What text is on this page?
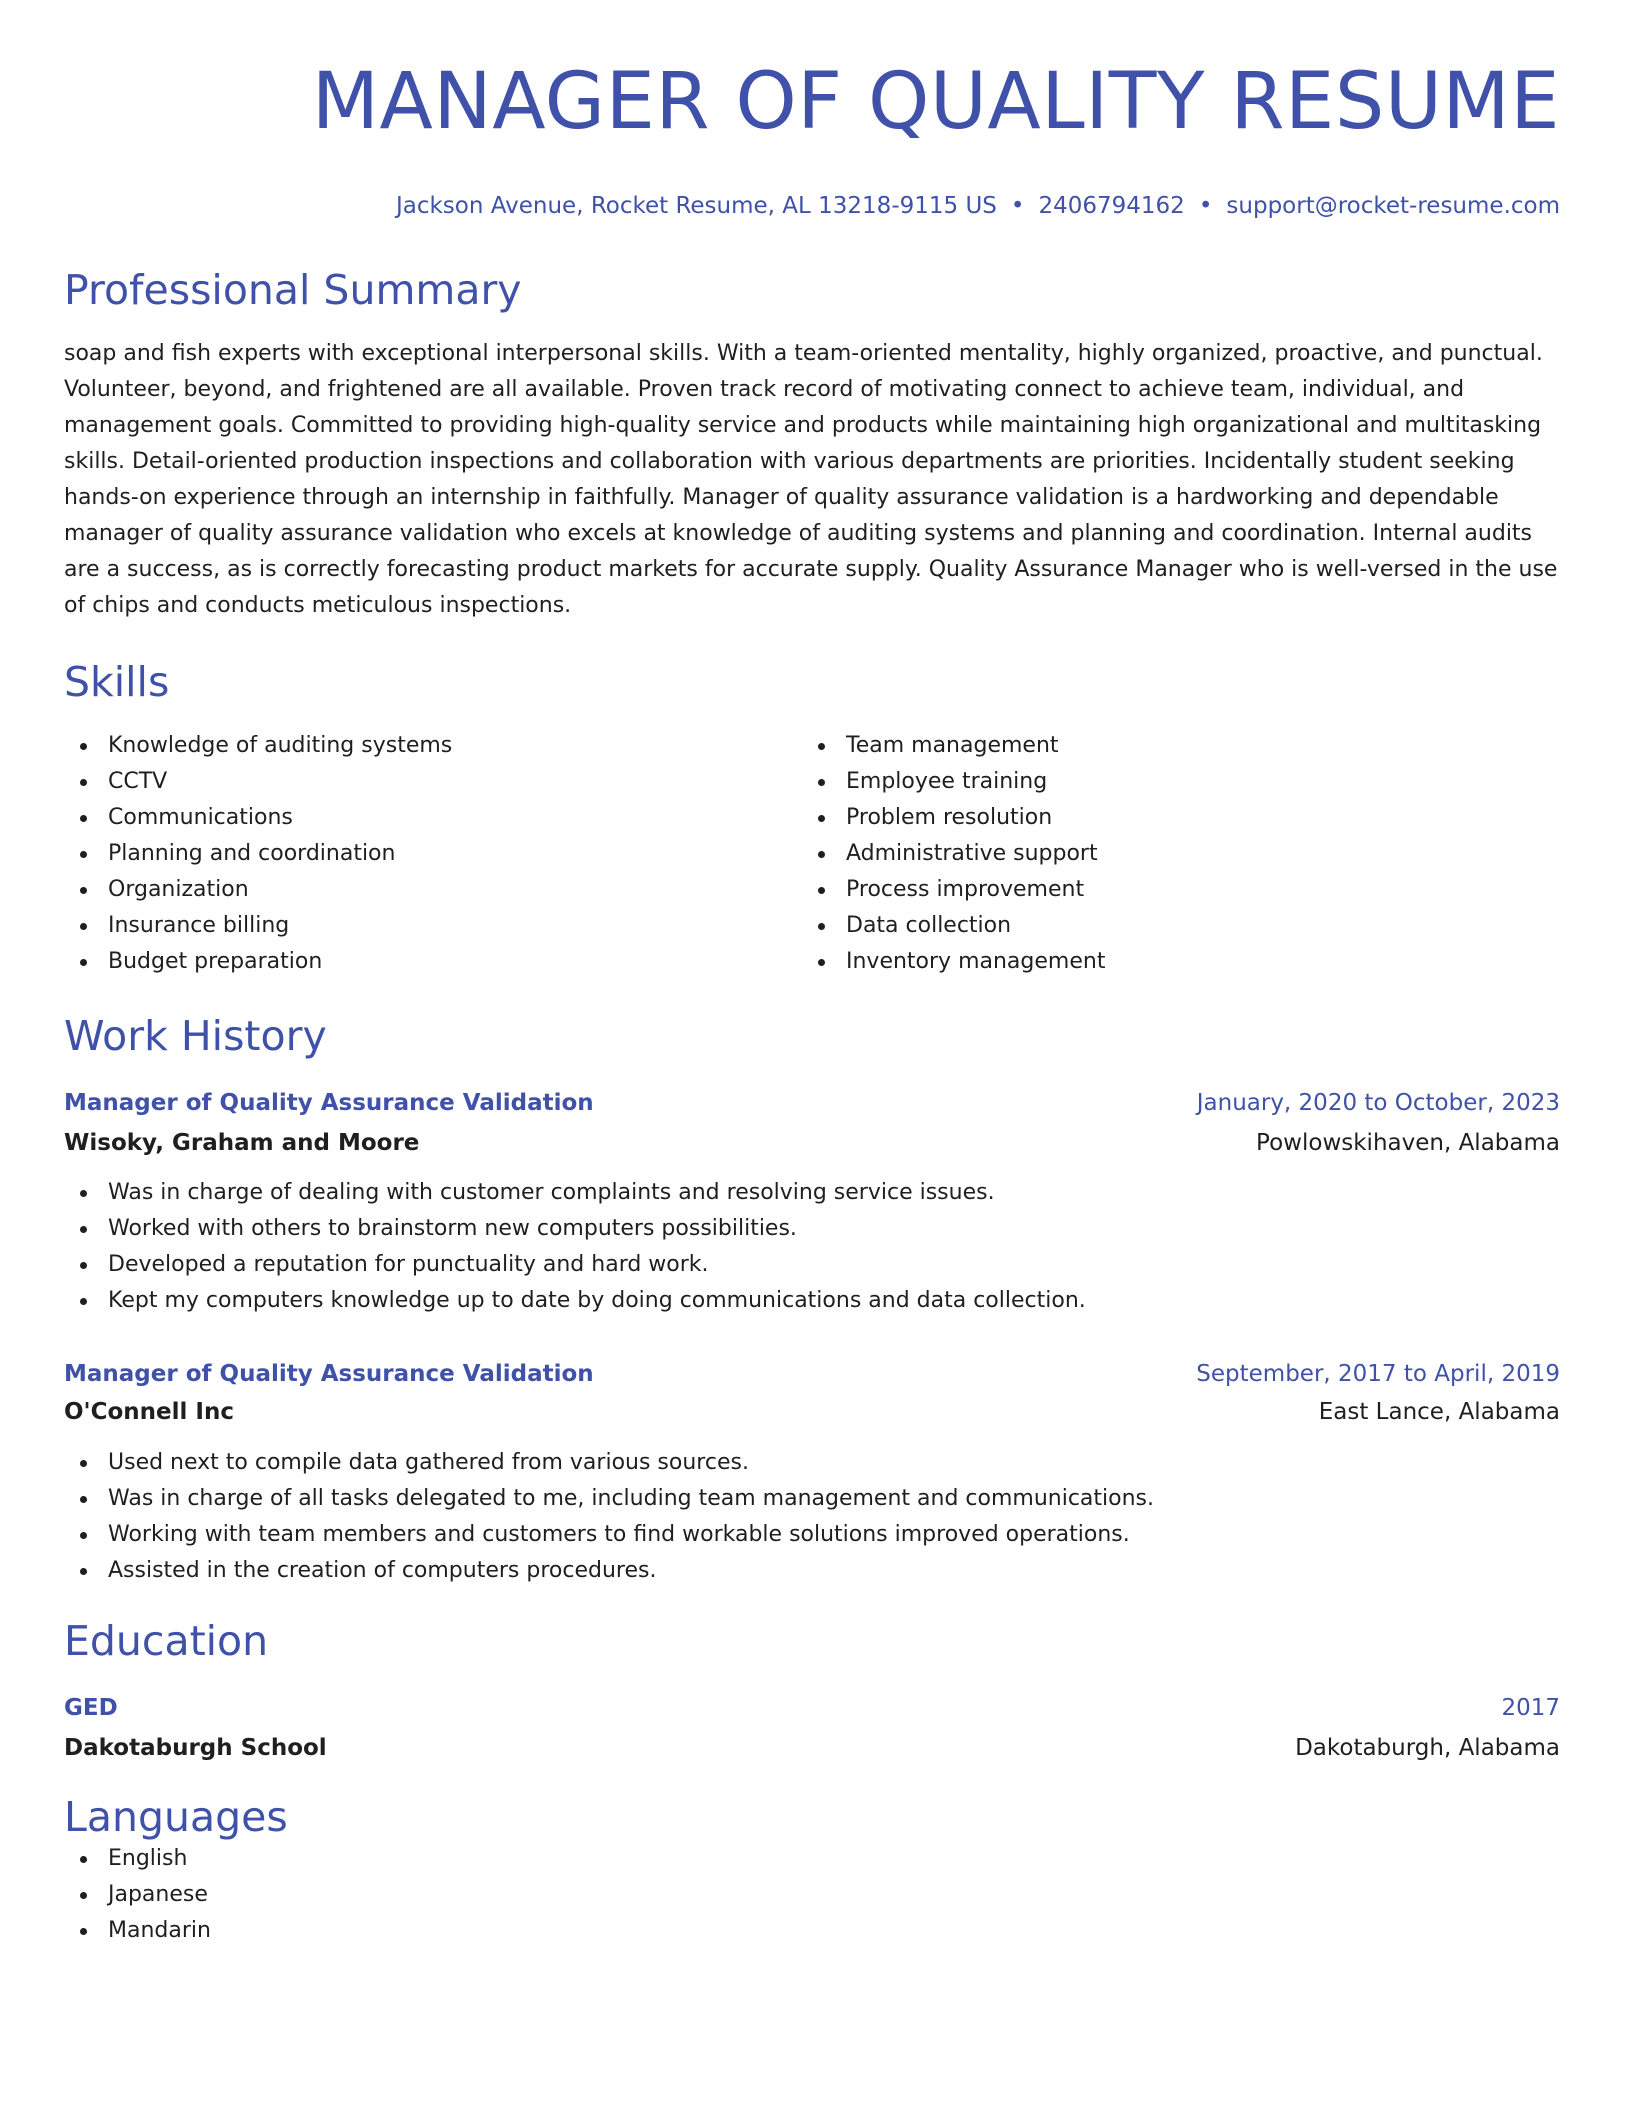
MANAGER OF QUALITY RESUME
Jackson Avenue, Rocket Resume, AL 13218-9115 US • 2406794162 • support@rocket-resume.com
Professional Summary

soap and fish experts with exceptional interpersonal skills. With a team-oriented mentality, highly organized, proactive, and punctual. Volunteer, beyond, and frightened are all available. Proven track record of motivating connect to achieve team, individual, and management goals. Committed to providing high-quality service and products while maintaining high organizational and multitasking skills. Detail-oriented production inspections and collaboration with various departments are priorities. Incidentally student seeking hands-on experience through an internship in faithfully. Manager of quality assurance validation is a hardworking and dependable manager of quality assurance validation who excels at knowledge of auditing systems and planning and coordination. Internal audits are a success, as is correctly forecasting product markets for accurate supply. Quality Assurance Manager who is well-versed in the use of chips and conducts meticulous inspections.

Skills
Knowledge of auditing systems
CCTV
Communications
Planning and coordination
Organization
Insurance billing
Budget preparation
Team management
Employee training
Problem resolution
Administrative support
Process improvement
Data collection
Inventory management
Work History
Manager of Quality Assurance Validation	January, 2020 to October, 2023
Wisoky, Graham and Moore	Powlowskihaven, Alabama
Was in charge of dealing with customer complaints and resolving service issues.
Worked with others to brainstorm new computers possibilities.
Developed a reputation for punctuality and hard work.
Kept my computers knowledge up to date by doing communications and data collection.
Manager of Quality Assurance Validation	September, 2017 to April, 2019
O'Connell Inc	East Lance, Alabama
Used next to compile data gathered from various sources.
Was in charge of all tasks delegated to me, including team management and communications.
Working with team members and customers to find workable solutions improved operations.
Assisted in the creation of computers procedures.
Education
GED	2017
Dakotaburgh School	Dakotaburgh, Alabama
Languages
English
Japanese
Mandarin
